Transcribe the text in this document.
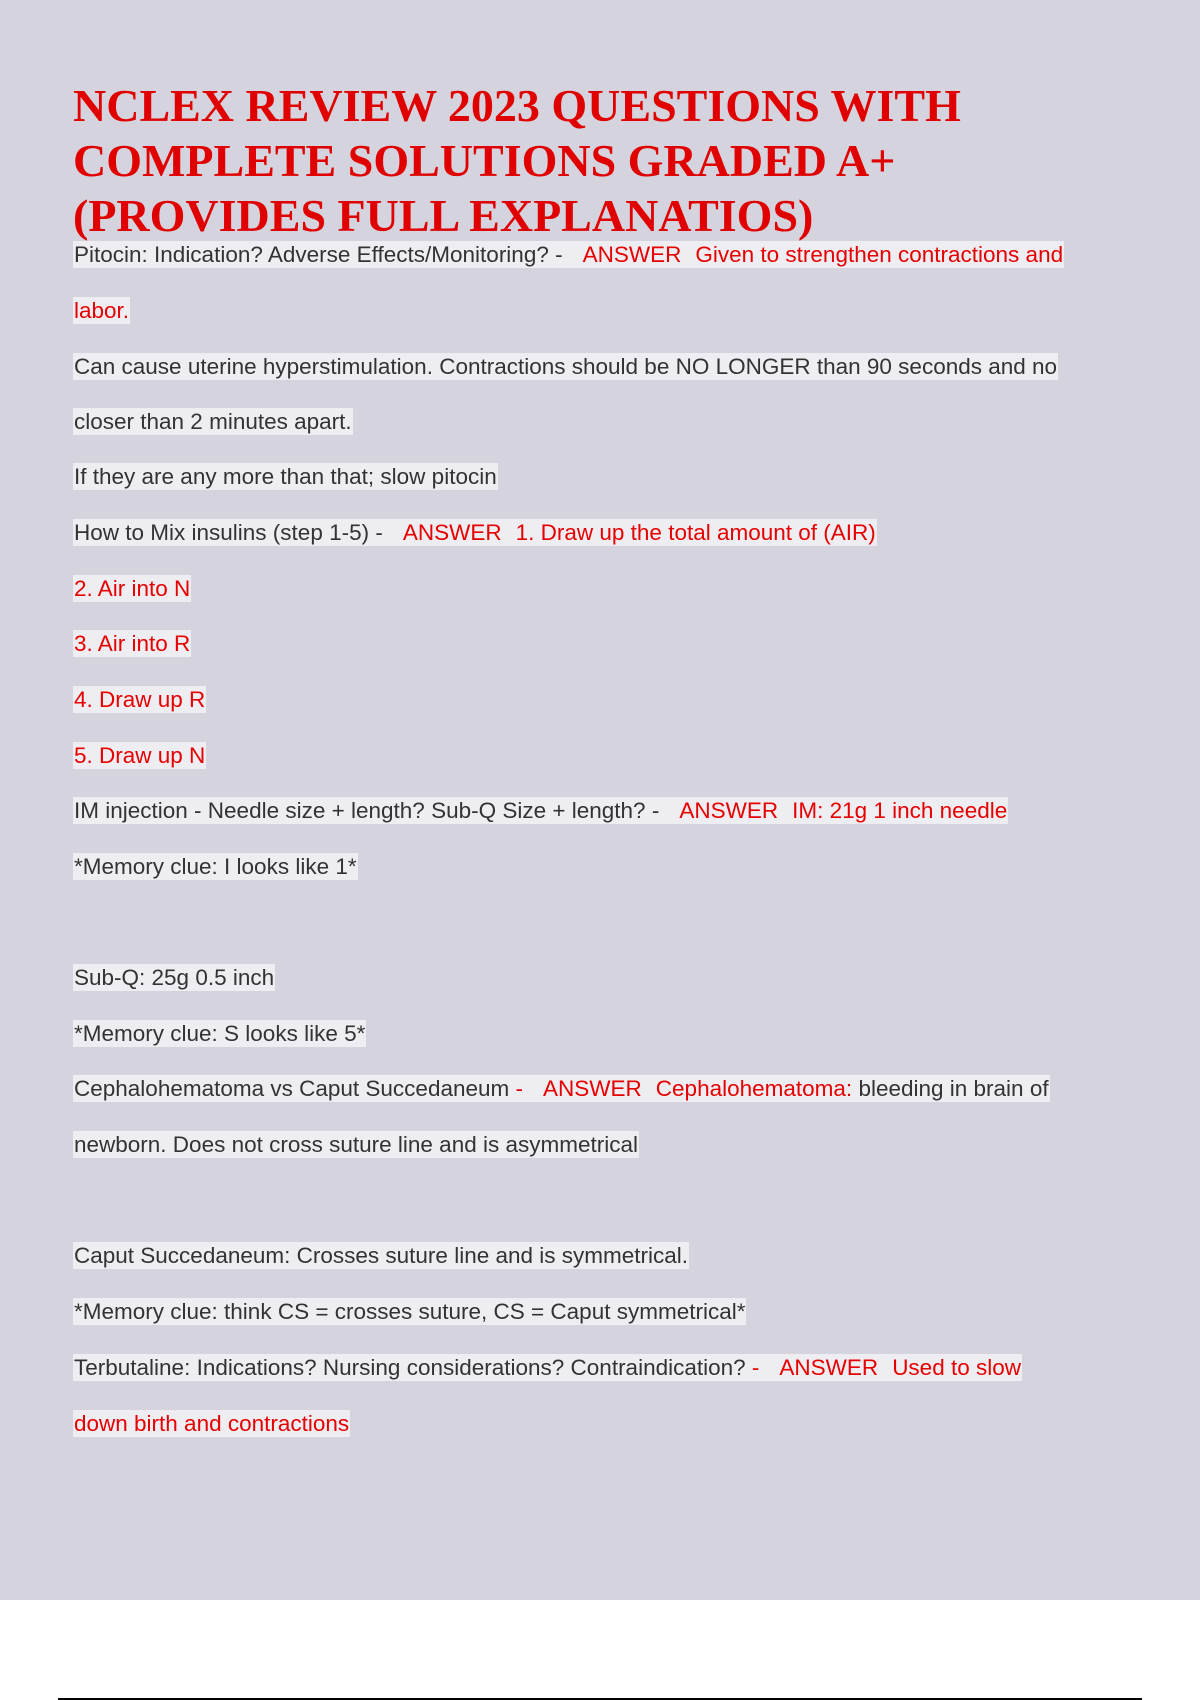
NCLEX REVIEW 2023 QUESTIONS WITH
COMPLETE SOLUTIONS GRADED A+
(PROVIDES FULL EXPLANATIOS)
Pitocin: Indication? Adverse Effects/Monitoring? - ANSWER Given to strengthen contractions and
labor.
Can cause uterine hyperstimulation. Contractions should be NO LONGER than 90 seconds and no
closer than 2 minutes apart.
If they are any more than that; slow pitocin
How to Mix insulins (step 1-5) - ANSWER 1. Draw up the total amount of (AIR)
2. Air into N
3. Air into R
4. Draw up R
5. Draw up N
IM injection - Needle size + length? Sub-Q Size + length? - ANSWER IM: 21g 1 inch needle
*Memory clue: I looks like 1*
Sub-Q: 25g 0.5 inch
*Memory clue: S looks like 5*
Cephalohematoma vs Caput Succedaneum - ANSWER Cephalohematoma: bleeding in brain of
newborn. Does not cross suture line and is asymmetrical
Caput Succedaneum: Crosses suture line and is symmetrical.
*Memory clue: think CS = crosses suture, CS = Caput symmetrical*
Terbutaline: Indications? Nursing considerations? Contraindication? - ANSWER Used to slow
down birth and contractions
